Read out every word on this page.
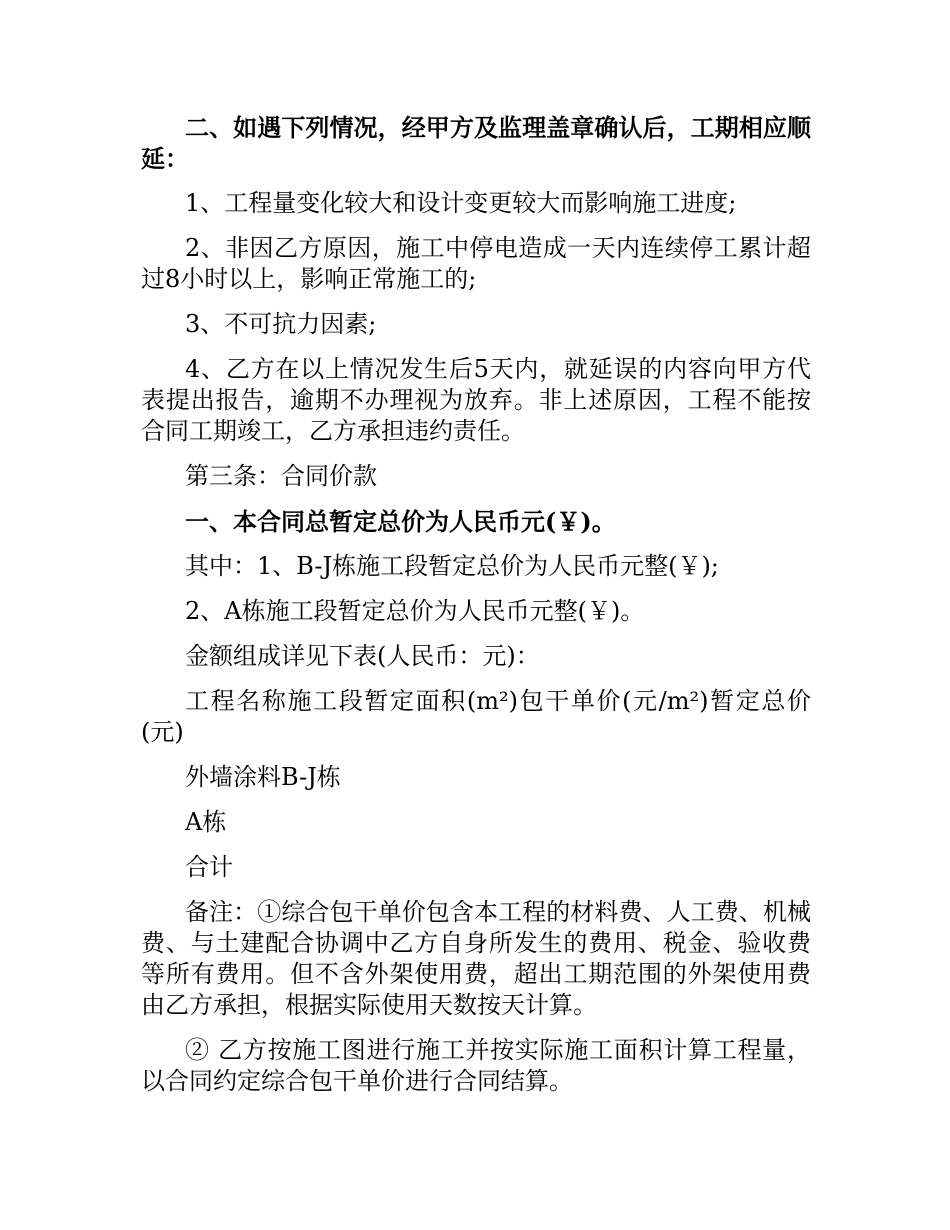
二、如遇下列情况，经甲方及监理盖章确认后，工期相应顺延：

1、工程量变化较大和设计变更较大而影响施工进度;

2、非因乙方原因，施工中停电造成一天内连续停工累计超过8小时以上，影响正常施工的;

3、不可抗力因素;

4、乙方在以上情况发生后5天内，就延误的内容向甲方代表提出报告，逾期不办理视为放弃。非上述原因，工程不能按合同工期竣工，乙方承担违约责任。

第三条：合同价款

一、本合同总暂定总价为人民币元(￥)。

其中：1、B-J栋施工段暂定总价为人民币元整(￥);

2、A栋施工段暂定总价为人民币元整(￥)。

金额组成详见下表(人民币：元)：

工程名称施工段暂定面积(m²)包干单价(元/m²)暂定总价(元)

外墙涂料B-J栋

A栋

合计

备注：①综合包干单价包含本工程的材料费、人工费、机械费、与土建配合协调中乙方自身所发生的费用、税金、验收费等所有费用。但不含外架使用费，超出工期范围的外架使用费由乙方承担，根据实际使用天数按天计算。

② 乙方按施工图进行施工并按实际施工面积计算工程量，以合同约定综合包干单价进行合同结算。
